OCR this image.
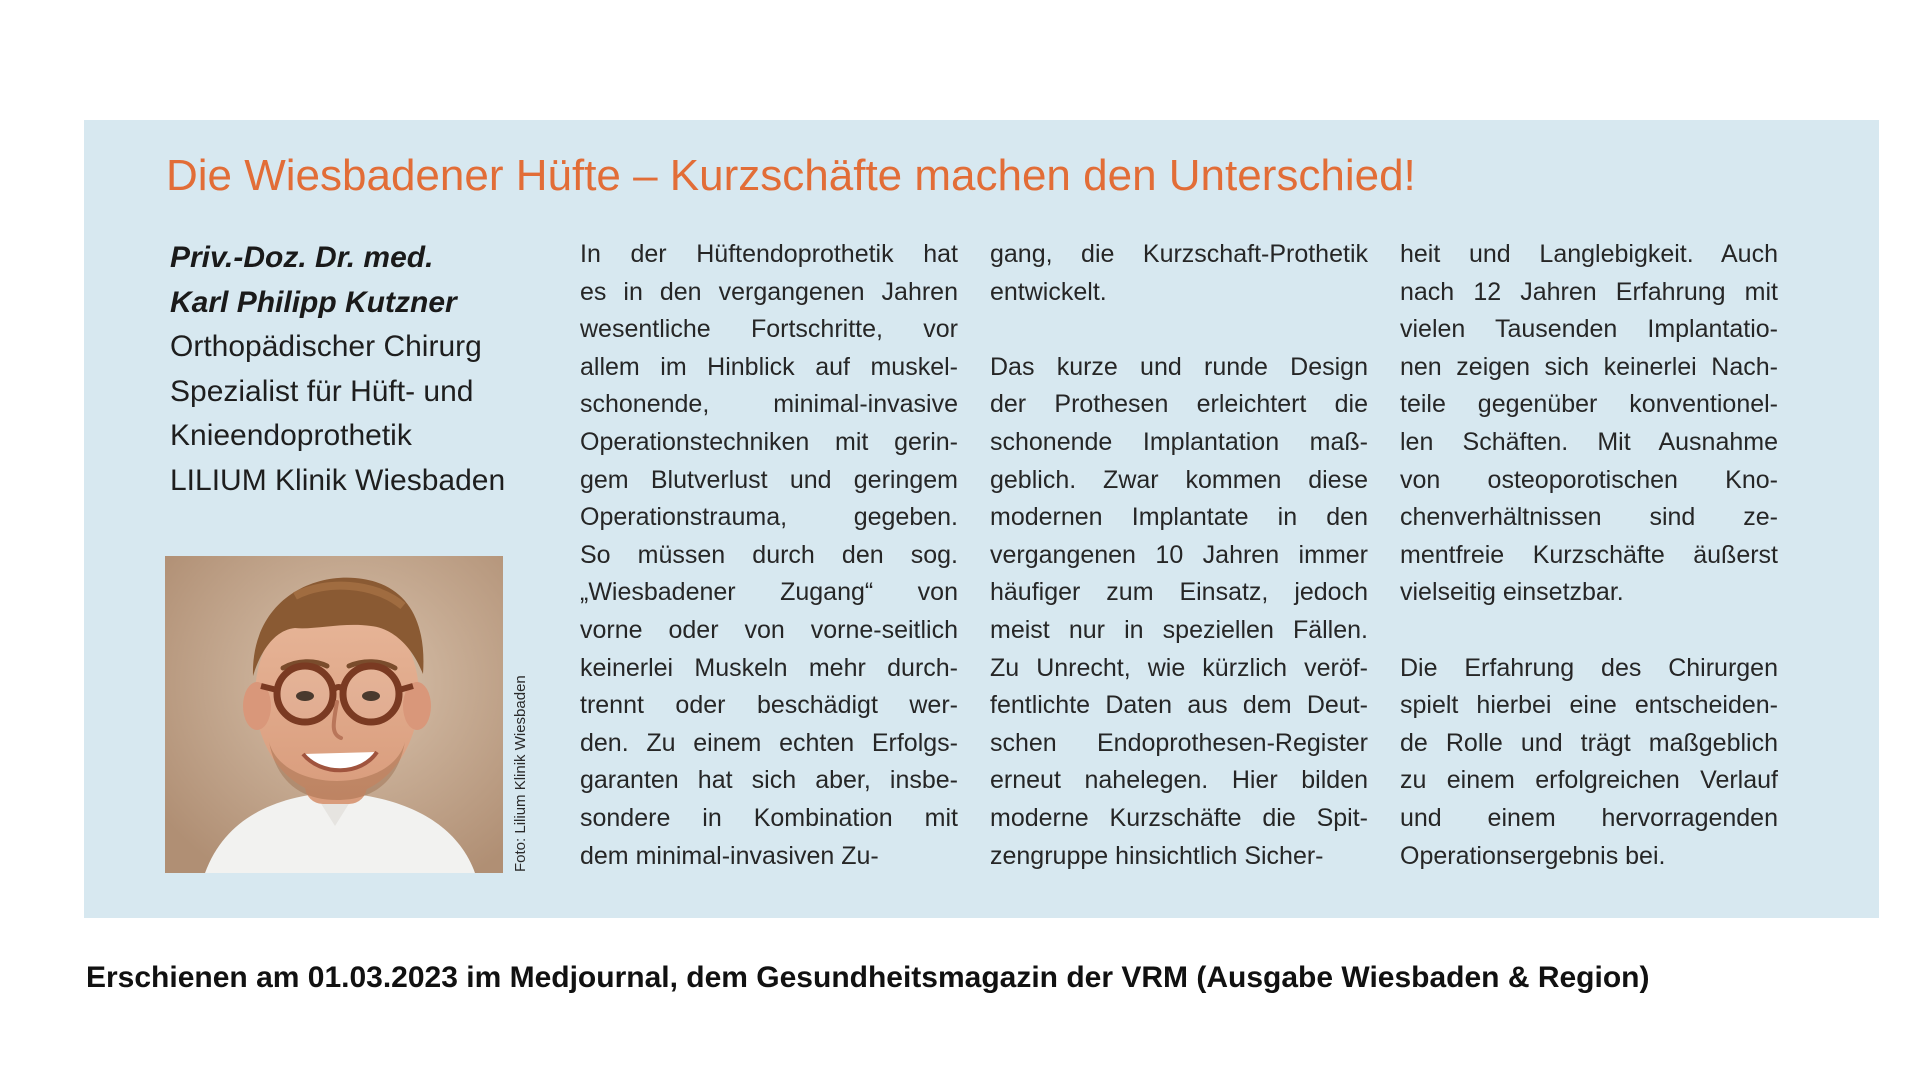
Die Wiesbadener Hüfte – Kurzschäfte machen den Unterschied!
Priv.-Doz. Dr. med.
Karl Philipp Kutzner
Orthopädischer Chirurg
Spezialist für Hüft- und
Knieendoprothetik
LILIUM Klinik Wiesbaden
Foto: Lilium Klinik Wiesbaden
In der Hüftendoprothetik hat
es in den vergangenen Jahren
wesentliche Fortschritte, vor
allem im Hinblick auf muskel-
schonende, minimal-invasive
Operationstechniken mit gerin-
gem Blutverlust und geringem
Operationstrauma, gegeben.
So müssen durch den sog.
„Wiesbadener Zugang“ von
vorne oder von vorne-seitlich
keinerlei Muskeln mehr durch-
trennt oder beschädigt wer-
den. Zu einem echten Erfolgs-
garanten hat sich aber, insbe-
sondere in Kombination mit
dem minimal-invasiven Zu-
gang, die Kurzschaft-Prothetik
entwickelt.
Das kurze und runde Design
der Prothesen erleichtert die
schonende Implantation maß-
geblich. Zwar kommen diese
modernen Implantate in den
vergangenen 10 Jahren immer
häufiger zum Einsatz, jedoch
meist nur in speziellen Fällen.
Zu Unrecht, wie kürzlich veröf-
fentlichte Daten aus dem Deut-
schen Endoprothesen-Register
erneut nahelegen. Hier bilden
moderne Kurzschäfte die Spit-
zengruppe hinsichtlich Sicher-
heit und Langlebigkeit. Auch
nach 12 Jahren Erfahrung mit
vielen Tausenden Implantatio-
nen zeigen sich keinerlei Nach-
teile gegenüber konventionel-
len Schäften. Mit Ausnahme
von osteoporotischen Kno-
chenverhältnissen sind ze-
mentfreie Kurzschäfte äußerst
vielseitig einsetzbar.
Die Erfahrung des Chirurgen
spielt hierbei eine entscheiden-
de Rolle und trägt maßgeblich
zu einem erfolgreichen Verlauf
und einem hervorragenden
Operationsergebnis bei.

Erschienen am 01.03.2023 im Medjournal, dem Gesundheitsmagazin der VRM (Ausgabe Wiesbaden & Region)
